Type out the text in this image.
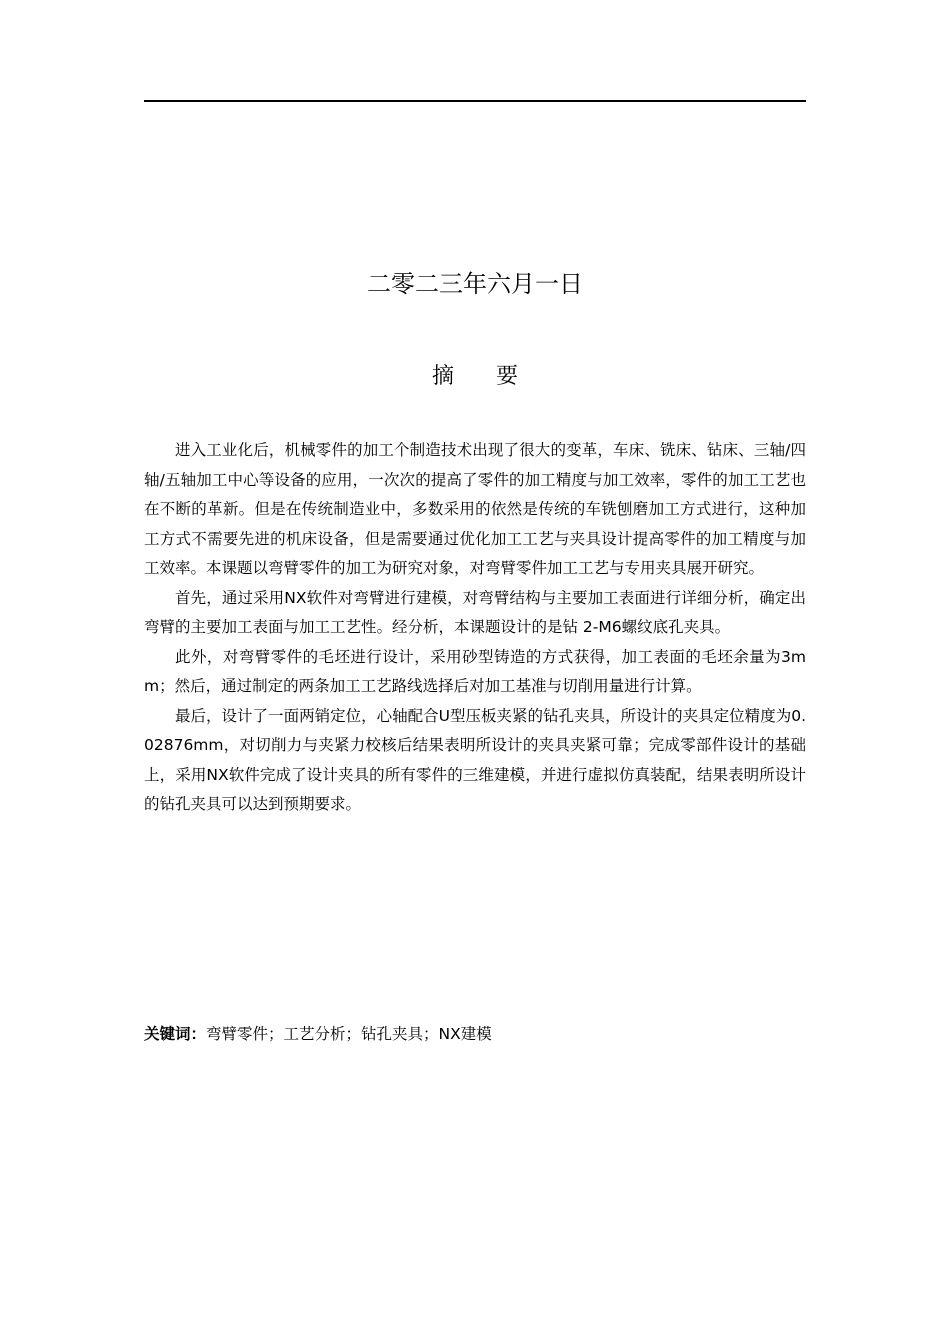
二零二三年六月一日
摘要

进入工业化后，机械零件的加工个制造技术出现了很大的变革，车床、铣床、钻床、三轴/四轴/五轴加工中心等设备的应用，一次次的提高了零件的加工精度与加工效率，零件的加工工艺也在不断的革新。但是在传统制造业中，多数采用的依然是传统的车铣刨磨加工方式进行，这种加工方式不需要先进的机床设备，但是需要通过优化加工工艺与夹具设计提高零件的加工精度与加工效率。本课题以弯臂零件的加工为研究对象，对弯臂零件加工工艺与专用夹具展开研究。

首先，通过采用NX软件对弯臂进行建模，对弯臂结构与主要加工表面进行详细分析，确定出弯臂的主要加工表面与加工工艺性。经分析，本课题设计的是钻 2-M6螺纹底孔夹具。

此外，对弯臂零件的毛坯进行设计，采用砂型铸造的方式获得，加工表面的毛坯余量为3mm；然后，通过制定的两条加工工艺路线选择后对加工基准与切削用量进行计算。

最后，设计了一面两销定位，心轴配合U型压板夹紧的钻孔夹具，所设计的夹具定位精度为0.02876mm，对切削力与夹紧力校核后结果表明所设计的夹具夹紧可靠；完成零部件设计的基础上，采用NX软件完成了设计夹具的所有零件的三维建模，并进行虚拟仿真装配，结果表明所设计的钻孔夹具可以达到预期要求。

关键词：弯臂零件；工艺分析；钻孔夹具；NX建模
